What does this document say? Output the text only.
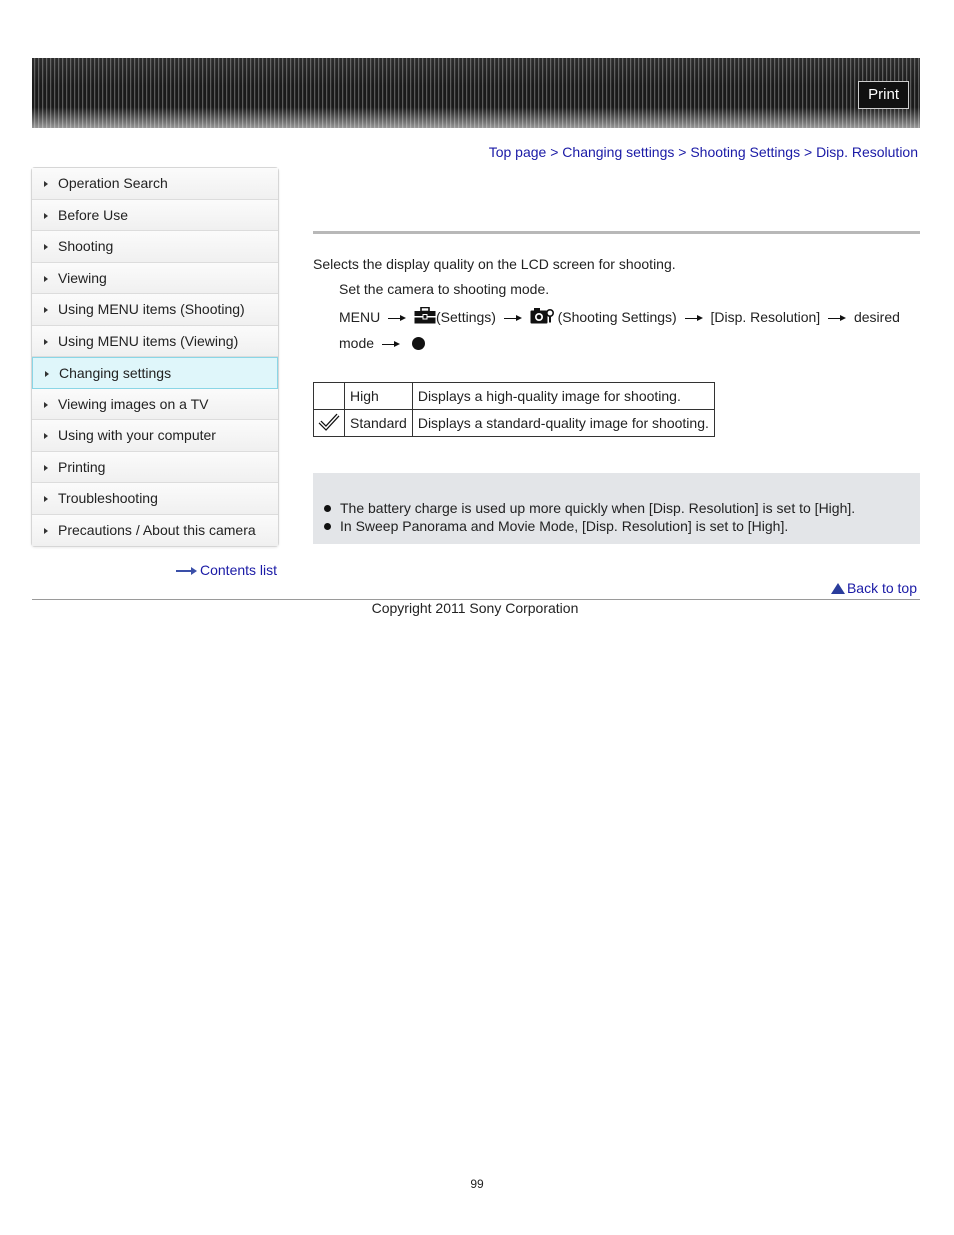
Print
Top page > Changing settings > Shooting Settings > Disp. Resolution
Operation Search
Before Use
Shooting
Viewing
Using MENU items (Shooting)
Using MENU items (Viewing)
Changing settings
Viewing images on a TV
Using with your computer
Printing
Troubleshooting
Precautions / About this camera
Contents list
Selects the display quality on the LCD screen for shooting.
Set the camera to shooting mode.
MENU	(Settings)	(Shooting Settings) [Disp. Resolution] desired
mode
	High	Displays a high-quality image for shooting.
	Standard	Displays a standard-quality image for shooting.
The battery charge is used up more quickly when [Disp. Resolution] is set to [High].
In Sweep Panorama and Movie Mode, [Disp. Resolution] is set to [High].
Back to top
Copyright 2011 Sony Corporation
99
